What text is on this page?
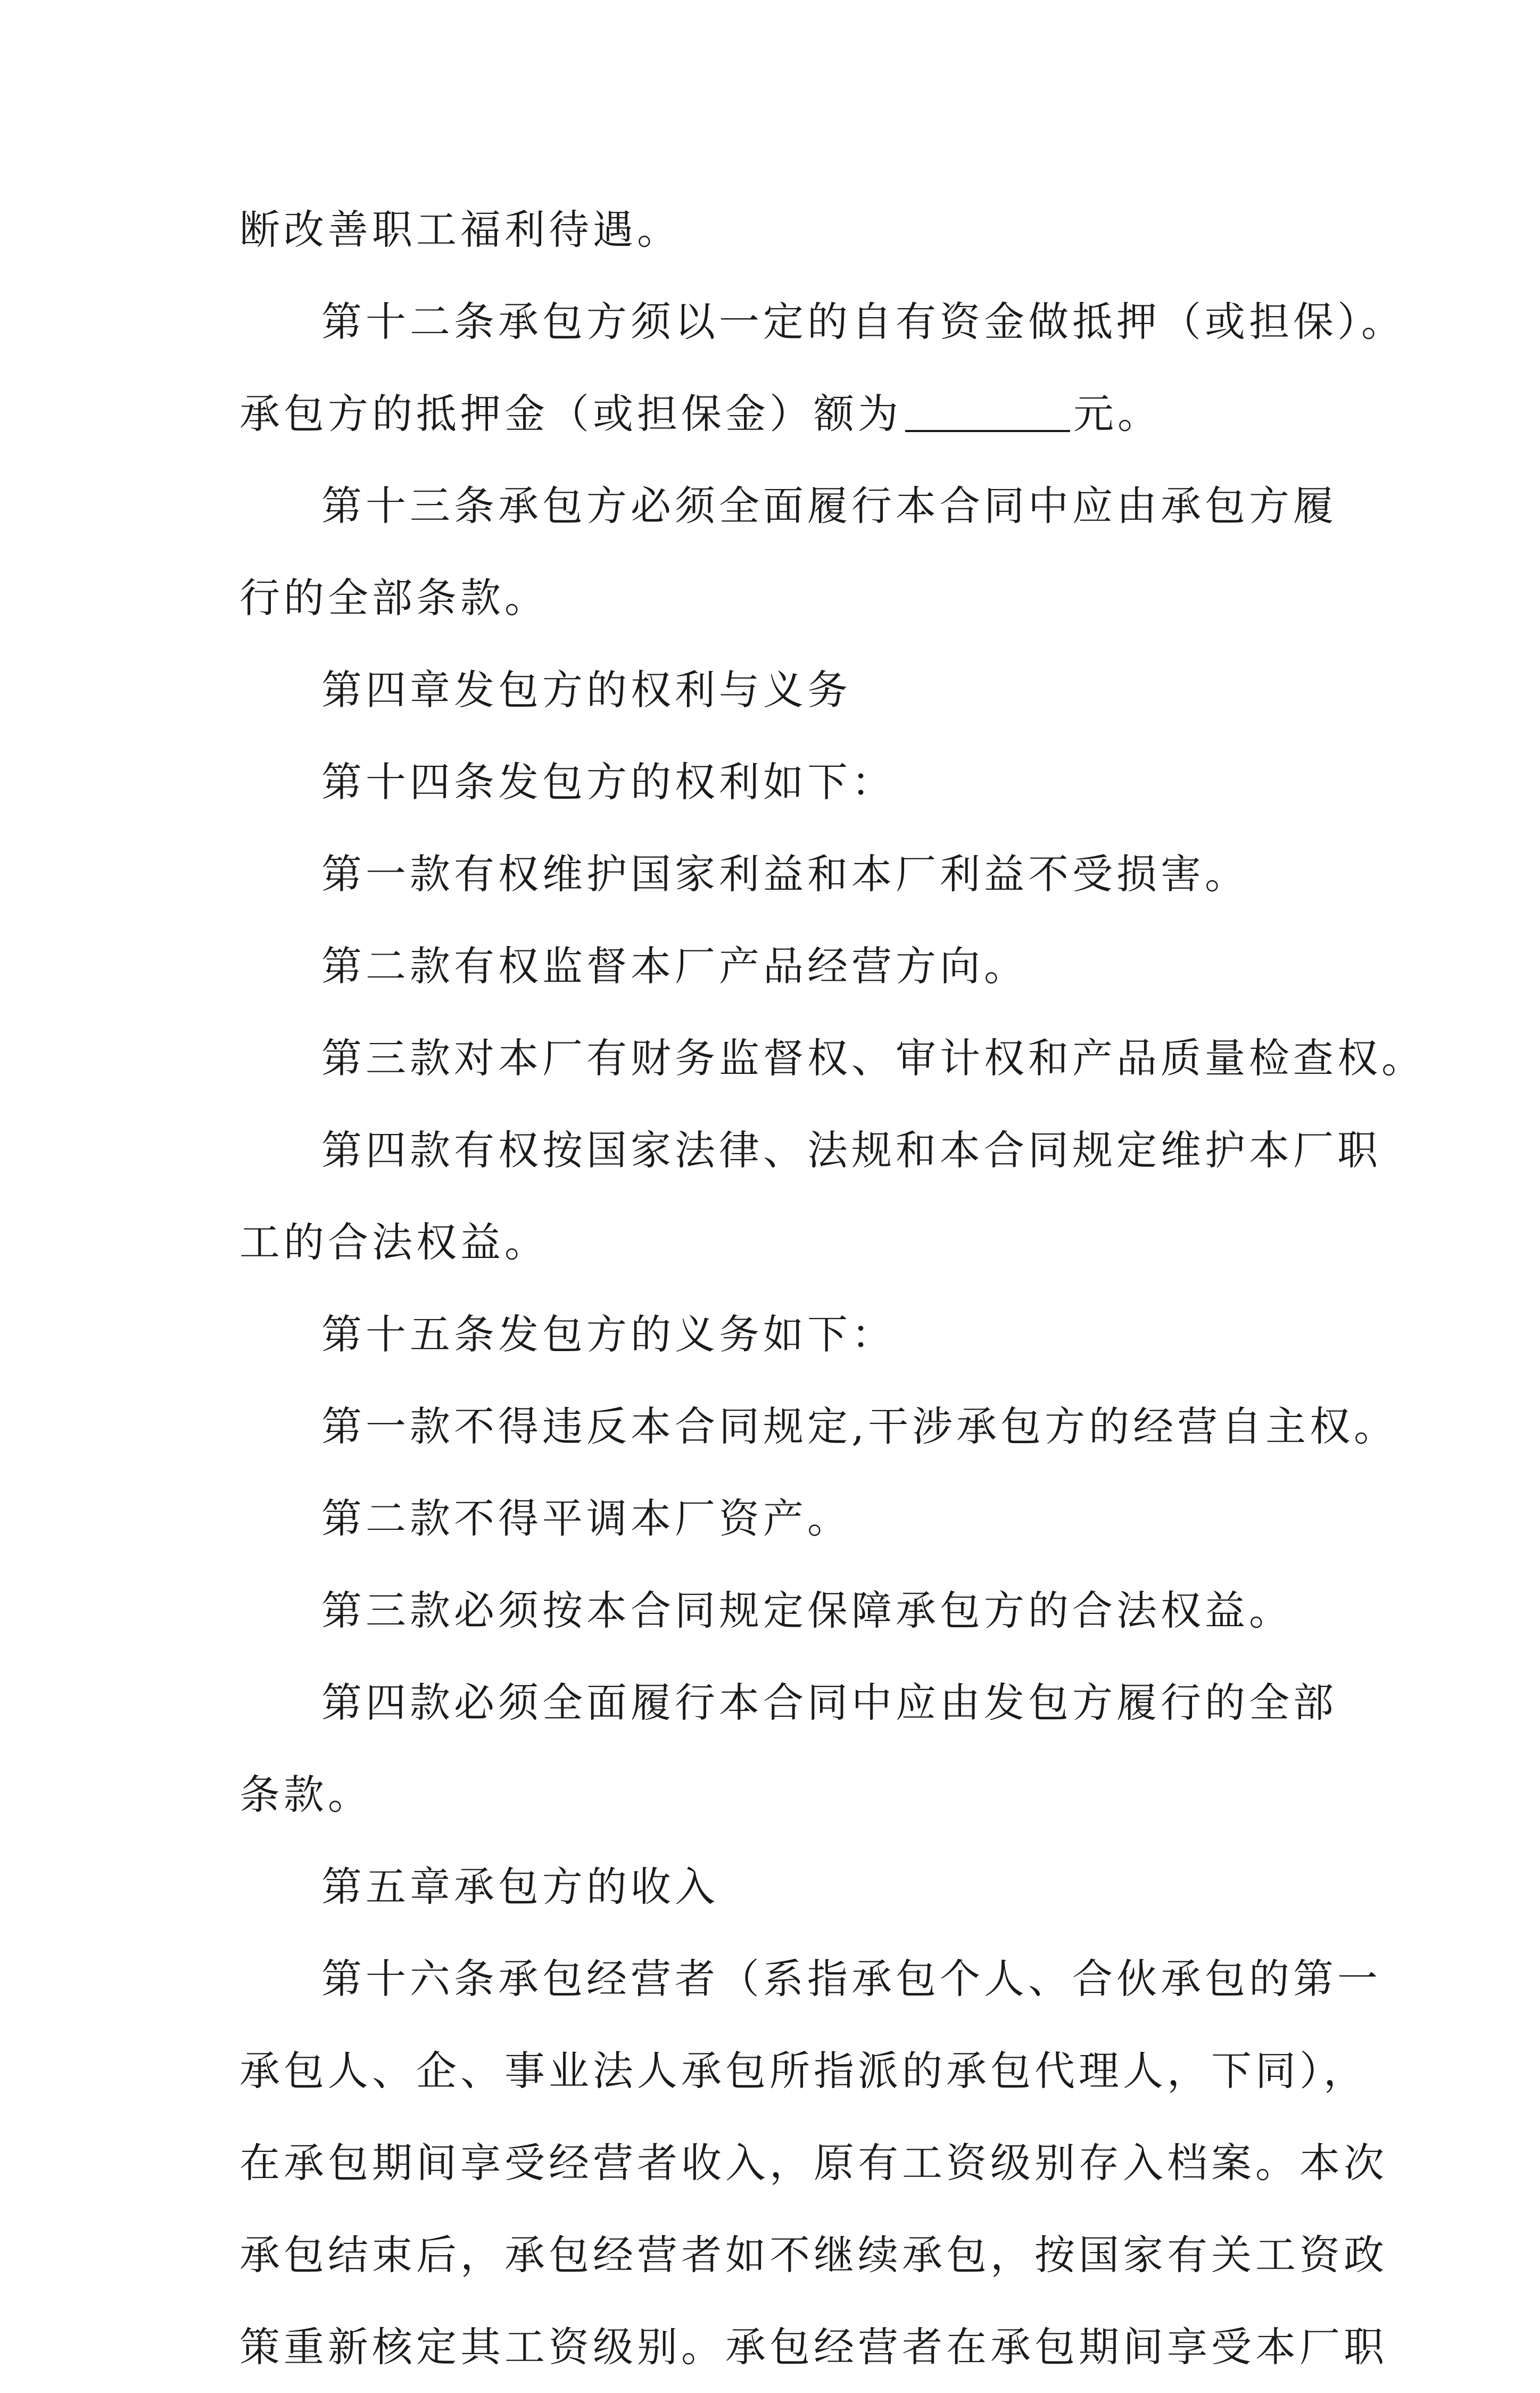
断改善职工福利待遇。
第十二条承包方须以一定的自有资金做抵押（或担保）。
承包方的抵押金（或担保金）额为	元。
第十三条承包方必须全面履行本合同中应由承包方履
行的全部条款。
第四章发包方的权利与义务
第十四条发包方的权利如下：
第一款有权维护国家利益和本厂利益不受损害。
第二款有权监督本厂产品经营方向。
第三款对本厂有财务监督权、审计权和产品质量检查权。
第四款有权按国家法律、法规和本合同规定维护本厂职
工的合法权益。
第十五条发包方的义务如下：
第一款不得违反本合同规定,干涉承包方的经营自主权。
第二款不得平调本厂资产。
第三款必须按本合同规定保障承包方的合法权益。
第四款必须全面履行本合同中应由发包方履行的全部
条款。
第五章承包方的收入
第十六条承包经营者（系指承包个人、合伙承包的第一
承包人、企、事业法人承包所指派的承包代理人，下同），
在承包期间享受经营者收入，原有工资级别存入档案。本次
承包结束后，承包经营者如不继续承包，按国家有关工资政
策重新核定其工资级别。承包经营者在承包期间享受本厂职
